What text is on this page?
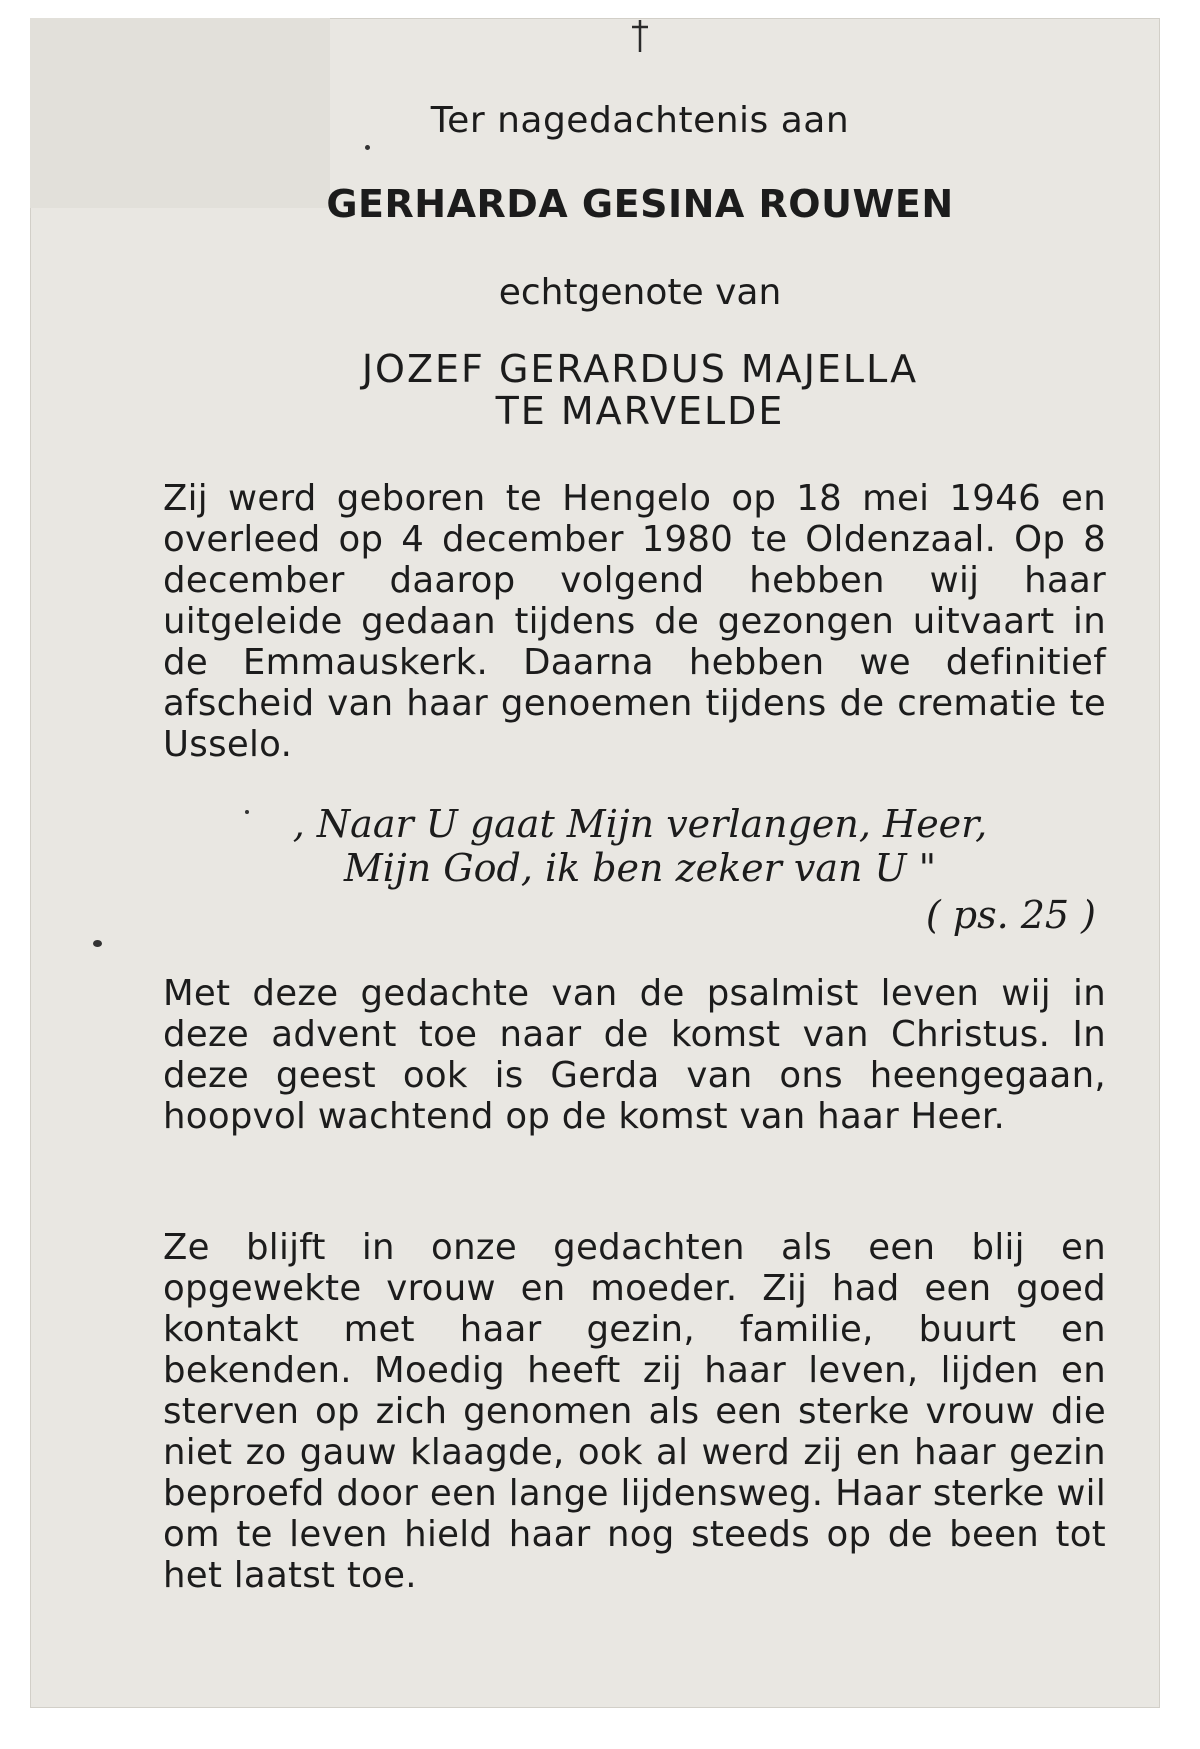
Ter nagedachtenis aan

GERHARDA GESINA ROUWEN

echtgenote van

JOZEF GERARDUS MAJELLA
TE MARVELDE

Zij werd geboren te Hengelo op 18 mei 1946 en overleed op 4 december 1980 te Oldenzaal. Op 8 december daarop volgend hebben wij haar uitgeleide gedaan tijdens de gezongen uitvaart in de Emmauskerk. Daarna hebben we definitief afscheid van haar genoemen tijdens de crematie te Usselo.

, Naar U gaat Mijn verlangen, Heer,
Mijn God, ik ben zeker van U "

( ps. 25 )

Met deze gedachte van de psalmist leven wij in deze advent toe naar de komst van Christus. In deze geest ook is Gerda van ons heengegaan, hoopvol wachtend op de komst van haar Heer.

Ze blijft in onze gedachten als een blij en opgewekte vrouw en moeder. Zij had een goed kontakt met haar gezin, familie, buurt en bekenden. Moedig heeft zij haar leven, lijden en sterven op zich genomen als een sterke vrouw die niet zo gauw klaagde, ook al werd zij en haar gezin beproefd door een lange lijdensweg. Haar sterke wil om te leven hield haar nog steeds op de been tot het laatst toe.
